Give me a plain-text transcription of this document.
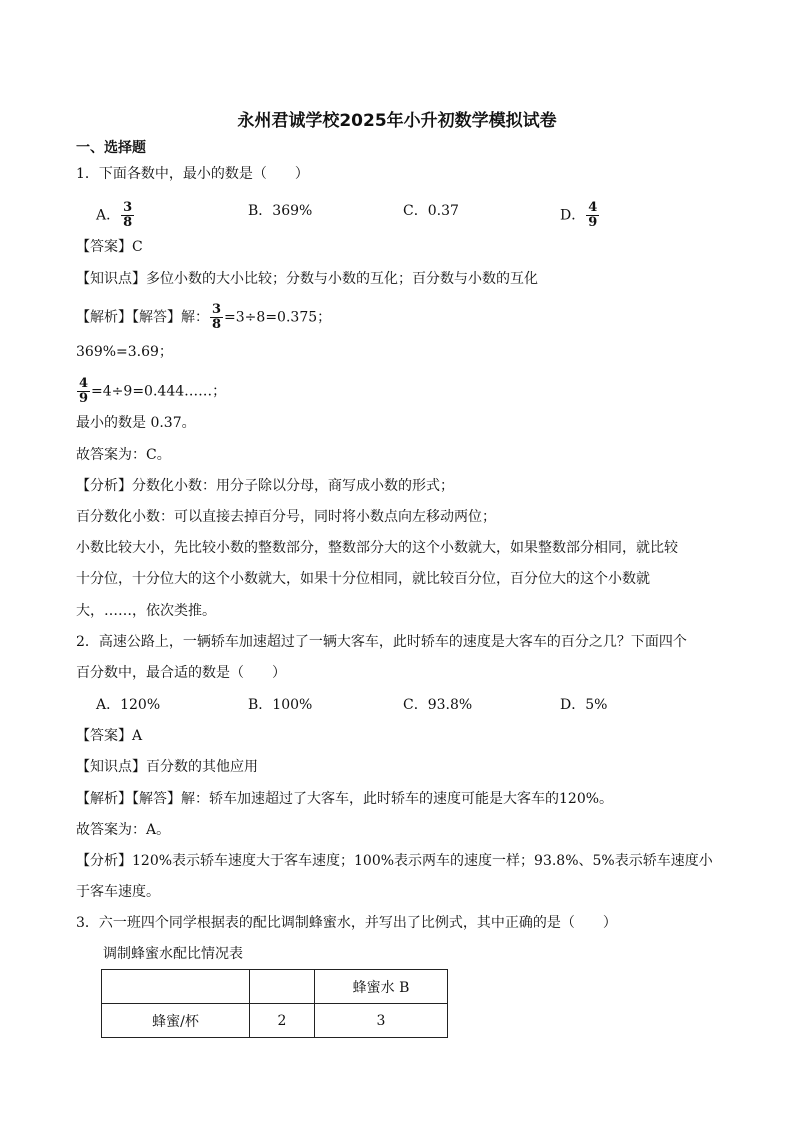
永州君诚学校2025年小升初数学模拟试卷
一、选择题
1．下面各数中，最小的数是（　　）
A． $\frac{3}{8}$	B．369%	C．0.37	D． $\frac{4}{9}$
【答案】C
【知识点】多位小数的大小比较；分数与小数的互化；百分数与小数的互化
【解析】【解答】解： $\frac{3}{8} =3\div 8=0.375$；
369%=3.69；
$\frac{4}{9}$ =4÷9=0.444……；
最小的数是 0.37。
故答案为：C。
【分析】分数化小数：用分子除以分母，商写成小数的形式；
百分数化小数：可以直接去掉百分号，同时将小数点向左移动两位；
小数比较大小，先比较小数的整数部分，整数部分大的这个小数就大，如果整数部分相同，就比较
十分位，十分位大的这个小数就大，如果十分位相同，就比较百分位，百分位大的这个小数就
大，……，依次类推。
2．高速公路上，一辆轿车加速超过了一辆大客车，此时轿车的速度是大客车的百分之几？下面四个
百分数中，最合适的数是（　　）
A．120%	B．100%	C．93.8%	D．5%
【答案】A
【知识点】百分数的其他应用
【解析】【解答】解：轿车加速超过了大客车，此时轿车的速度可能是大客车的120%。
故答案为：A。
【分析】120%表示轿车速度大于客车速度；100%表示两车的速度一样；93.8%、5%表示轿车速度小
于客车速度。
3．六一班四个同学根据表的配比调制蜂蜜水，并写出了比例式，其中正确的是（　　）
调制蜂蜜水配比情况表
		蜂蜜水 B
蜂蜜/杯	2	3
